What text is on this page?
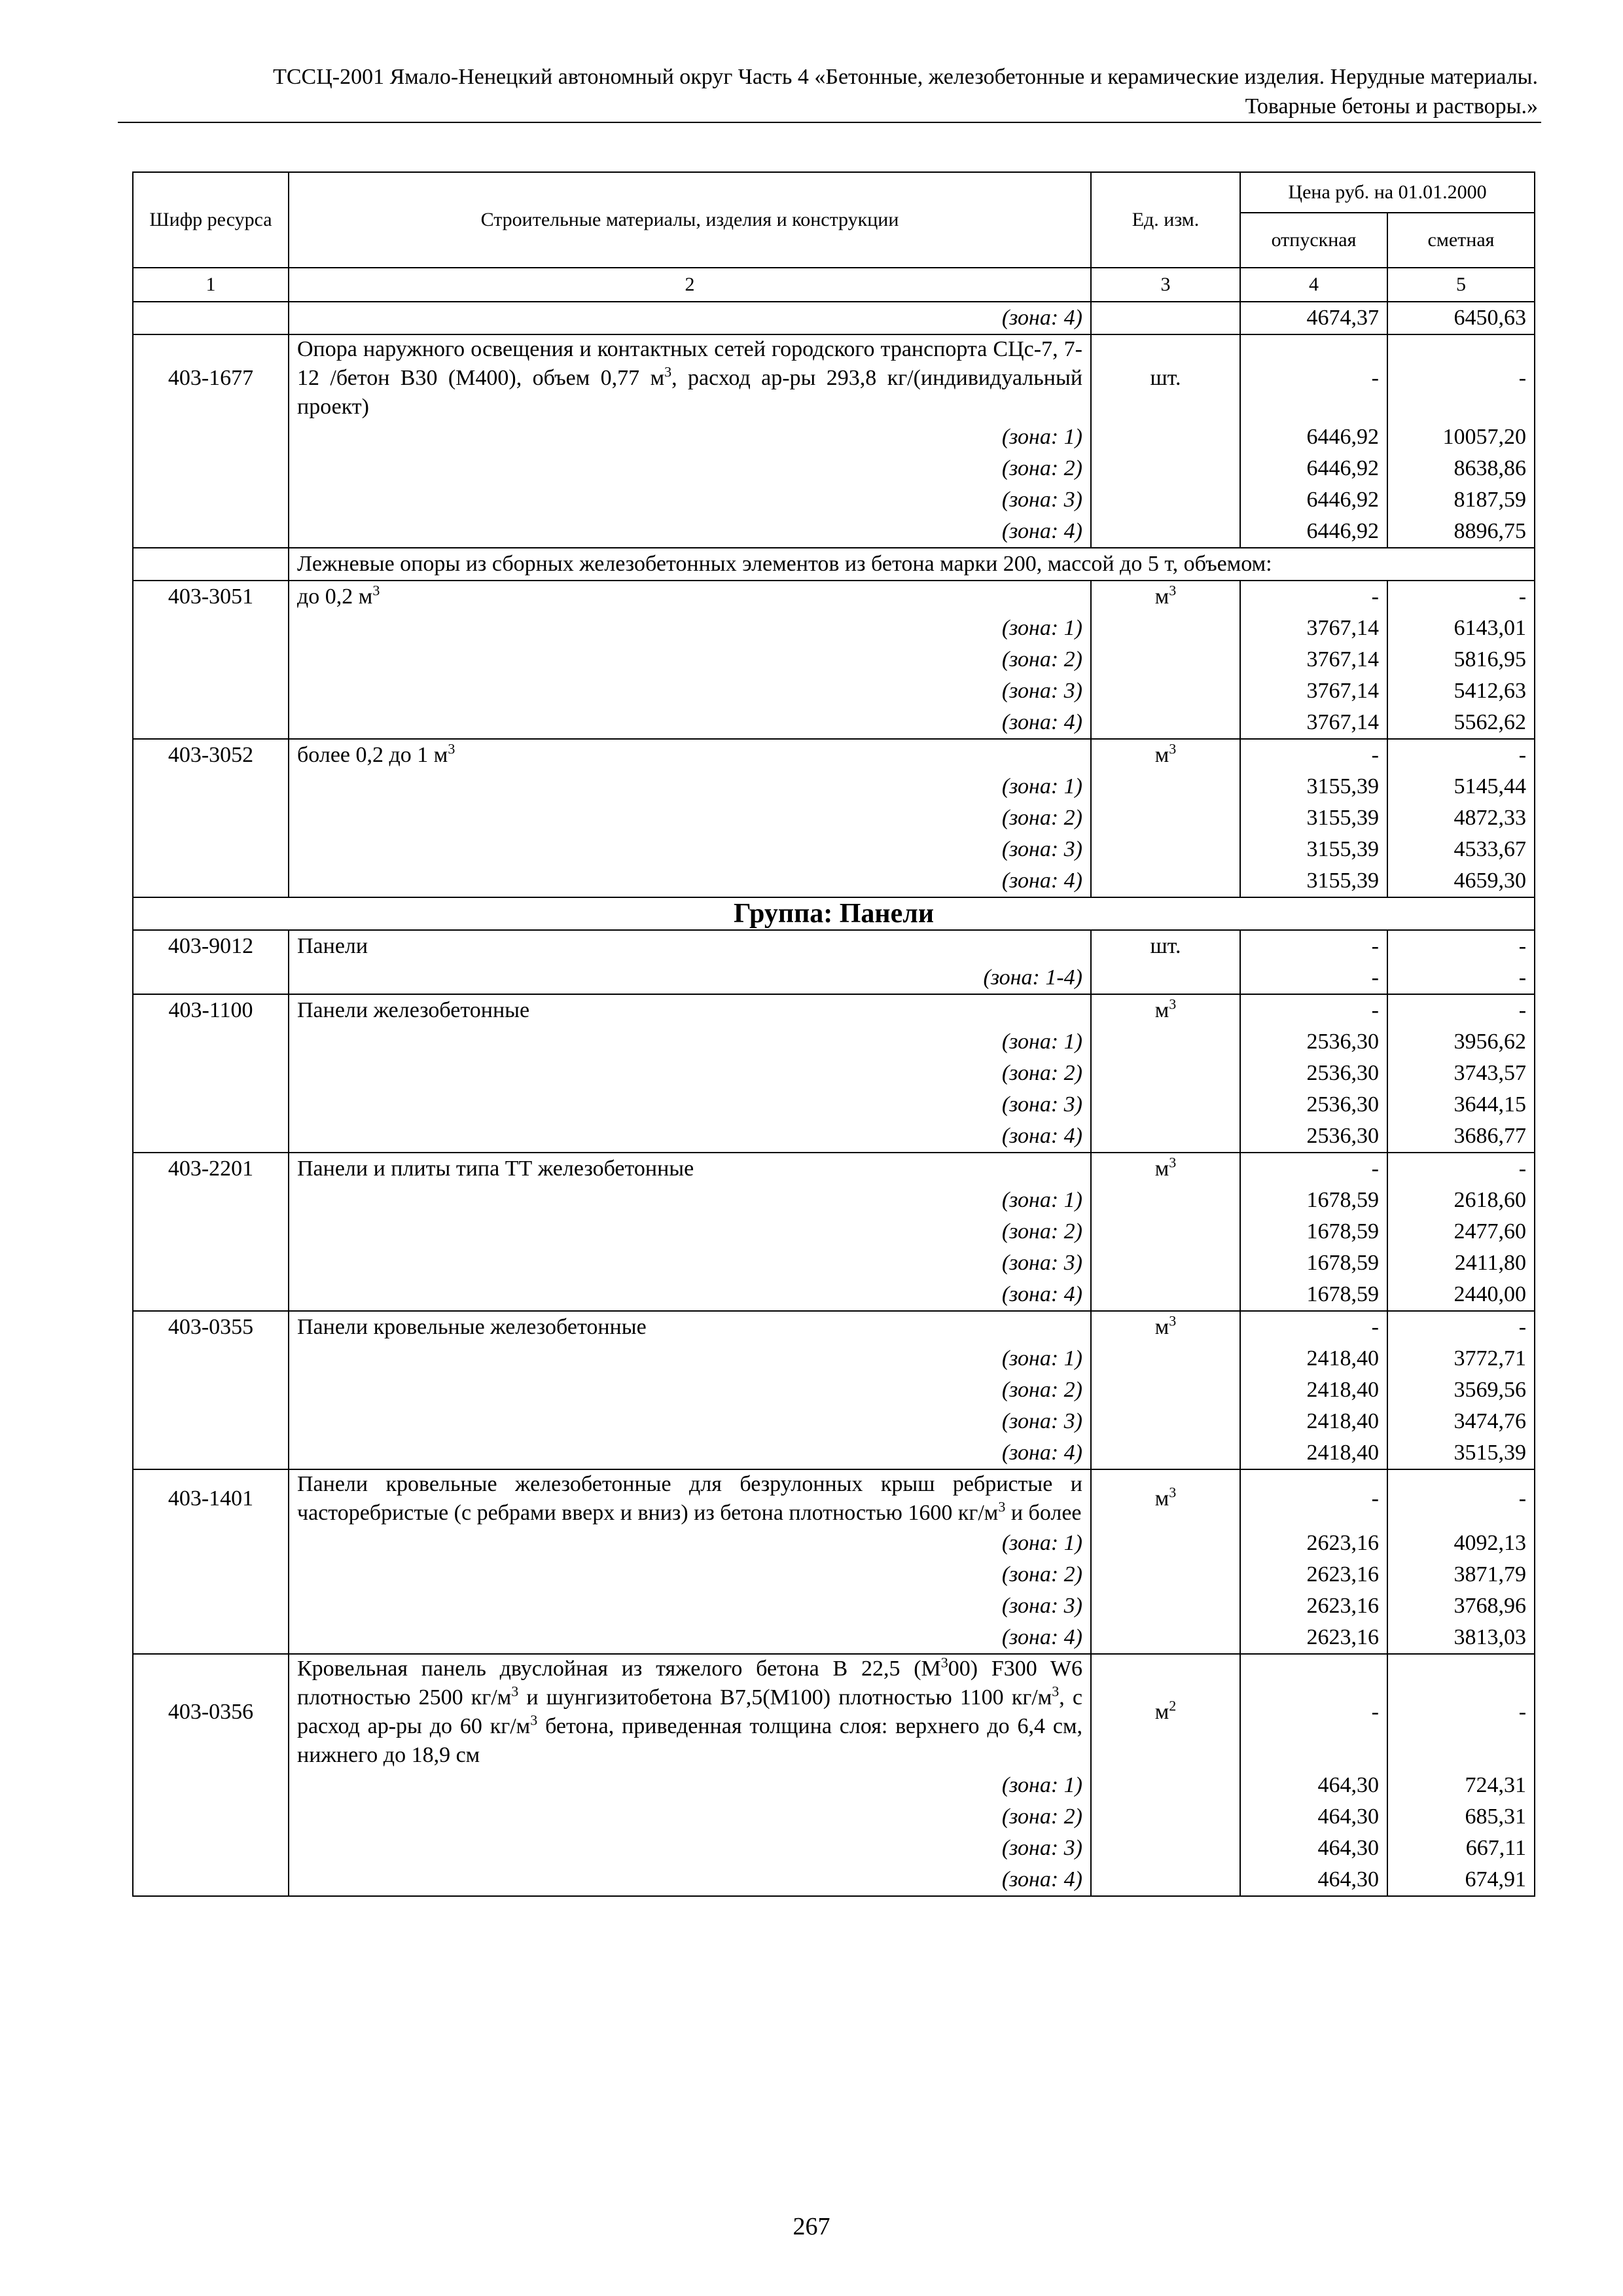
ТССЦ-2001 Ямало-Ненецкий автономный округ Часть 4 «Бетонные, железобетонные и керамические изделия. Нерудные материалы.
Товарные бетоны и растворы.»
Шифр ресурса	Строительные материалы, изделия и конструкции	Ед. изм.	Цена руб. на 01.01.2000	
			отпускная	сметная
1	2	3	4	5
	(зона: 4)		4674,37	6450,63
403-1677	Опора наружного освещения и контактных сетей городского транспорта СЦс-7, 7-12 /бетон В30 (М400), объем 0,77 $м^3$, расход ар-ры 293,8 кг/(индивидуальный проект)	шт.	-	-
	(зона: 1)		6446,92	10057,20
	(зона: 2)		6446,92	8638,86
	(зона: 3)		6446,92	8187,59
	(зона: 4)		6446,92	8896,75
	Лежневые опоры из сборных железобетонных элементов из бетона марки 200, массой до 5 т, объемом:			
403-3051	до 0,2 $м^3$	$м^3$	-	-
	(зона: 1)		3767,14	6143,01
	(зона: 2)		3767,14	5816,95
	(зона: 3)		3767,14	5412,63
	(зона: 4)		3767,14	5562,62
403-3052	более 0,2 до 1 $м^3$	$м^3$	-	-
	(зона: 1)		3155,39	5145,44
	(зона: 2)		3155,39	4872,33
	(зона: 3)		3155,39	4533,67
	(зона: 4)		3155,39	4659,30
Группа: Панели				
403-9012	Панели	шт.	-	-
	(зона: 1-4)		-	-
403-1100	Панели железобетонные	$м^3$	-	-
	(зона: 1)		2536,30	3956,62
	(зона: 2)		2536,30	3743,57
	(зона: 3)		2536,30	3644,15
	(зона: 4)		2536,30	3686,77
403-2201	Панели и плиты типа ТТ железобетонные	$м^3$	-	-
	(зона: 1)		1678,59	2618,60
	(зона: 2)		1678,59	2477,60
	(зона: 3)		1678,59	2411,80
	(зона: 4)		1678,59	2440,00
403-0355	Панели кровельные железобетонные	$м^3$	-	-
	(зона: 1)		2418,40	3772,71
	(зона: 2)		2418,40	3569,56
	(зона: 3)		2418,40	3474,76
	(зона: 4)		2418,40	3515,39
403-1401	Панели кровельные железобетонные для безрулонных крыш ребристые и часторебристые (с ребрами вверх и вниз) из бетона плотностью 1600 $кг/м^3$ и более	$м^3$	-	-
	(зона: 1)		2623,16	4092,13
	(зона: 2)		2623,16	3871,79
	(зона: 3)		2623,16	3768,96
	(зона: 4)		2623,16	3813,03
403-0356	Кровельная панель двуслойная из тяжелого бетона В 22,5 $(М^300)$ F300 W6 плотностью 2500 $кг/м^3$ и шунгизитобетона В7,5(М100) плотностью 1100 $кг/м^3$, с расход ар-ры до 60 $кг/м^3$ бетона, приведенная толщина слоя: верхнего до 6,4 см, нижнего до 18,9 см	$м^2$	-	-
	(зона: 1)		464,30	724,31
	(зона: 2)		464,30	685,31
	(зона: 3)		464,30	667,11
	(зона: 4)		464,30	674,91
267
